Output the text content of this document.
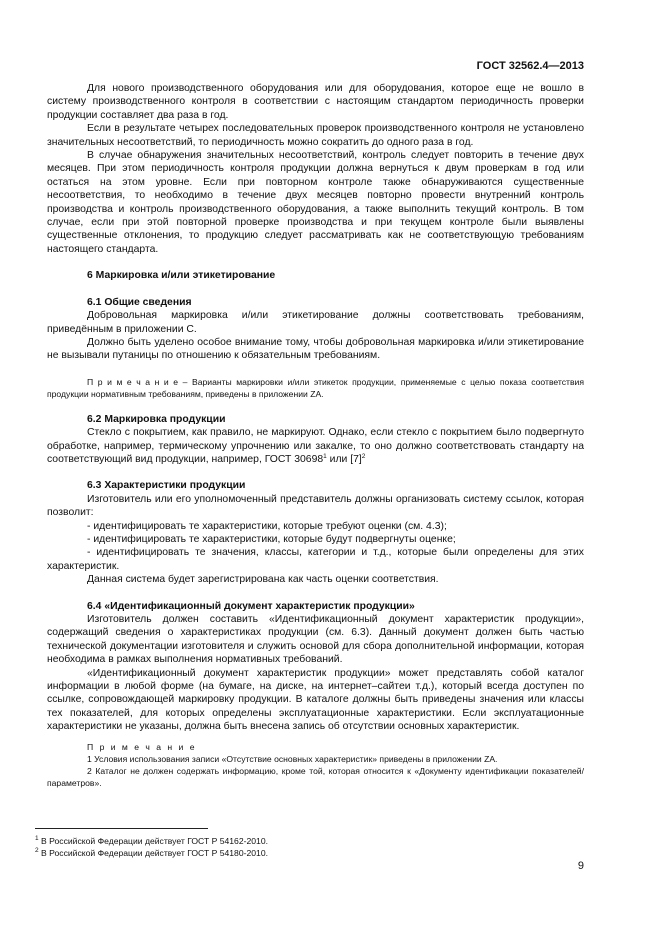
ГОСТ 32562.4—2013

Для нового производственного оборудования или для оборудования, которое еще не вошло в систему производственного контроля в соответствии с настоящим стандартом периодичность проверки продукции составляет два раза в год.

Если в результате четырех последовательных проверок производственного контроля не установлено значительных несоответствий, то периодичность можно сократить до одного раза в год.

В случае обнаружения значительных несоответствий, контроль следует повторить в течение двух месяцев. При этом периодичность контроля продукции должна вернуться к двум проверкам в год или остаться на этом уровне. Если при повторном контроле также обнаруживаются существенные несоответствия, то необходимо в течение двух месяцев повторно провести внутренний контроль производства и контроль производственного оборудования, а также выполнить текущий контроль. В том случае, если при этой повторной проверке производства и при текущем контроле были выявлены существенные отклонения, то продукцию следует рассматривать как не соответствующую требованиям настоящего стандарта.

6 Маркировка и/или этикетирование

6.1 Общие сведения

Добровольная маркировка и/или этикетирование должны соответствовать требованиям, приведённым в приложении С.

Должно быть уделено особое внимание тому, чтобы добровольная маркировка и/или этикетирование не вызывали путаницы по отношению к обязательным требованиям.

П р и м е ч а н и е – Варианты маркировки и/или этикеток продукции, применяемые с целью показа соответствия продукции нормативным требованиям, приведены в приложении ZA.

6.2 Маркировка продукции

Стекло с покрытием, как правило, не маркируют. Однако, если стекло с покрытием было подвергнуто обработке, например, термическому упрочнению или закалке, то оно должно соответствовать стандарту на соответствующий вид продукции, например, ГОСТ 30698$^1$ или $[7]^2$

6.3 Характеристики продукции

Изготовитель или его уполномоченный представитель должны организовать систему ссылок, которая позволит:

- идентифицировать те характеристики, которые требуют оценки (см. 4.3);

- идентифицировать те характеристики, которые будут подвергнуты оценке;

- идентифицировать те значения, классы, категории и т.д., которые были определены для этих характеристик.

Данная система будет зарегистрирована как часть оценки соответствия.

6.4 «Идентификационный документ характеристик продукции»

Изготовитель должен составить «Идентификационный документ характеристик продукции», содержащий сведения о характеристиках продукции (см. 6.3). Данный документ должен быть частью технической документации изготовителя и служить основой для сбора дополнительной информации, которая необходима в рамках выполнения нормативных требований.

«Идентификационный документ характеристик продукции» может представлять собой каталог информации в любой форме (на бумаге, на диске, на интернет–сайтеи т.д.), который всегда доступен по ссылке, сопровождающей маркировку продукции. В каталоге должны быть приведены значения или классы тех показателей, для которых определены эксплуатационные характеристики. Если эксплуатационные характеристики не указаны, должна быть внесена запись об отсутствии основных характеристик.

П р и м е ч а н и е

1 Условия использования записи «Отсутствие основных характеристик» приведены в приложении ZA.

2 Каталог не должен содержать информацию, кроме той, которая относится к «Документу идентификации показателей/параметров».

$^1$ В Российской Федерации действует ГОСТ Р 54162-2010.
$^2$ В Российской Федерации действует ГОСТ Р 54180-2010.
9
